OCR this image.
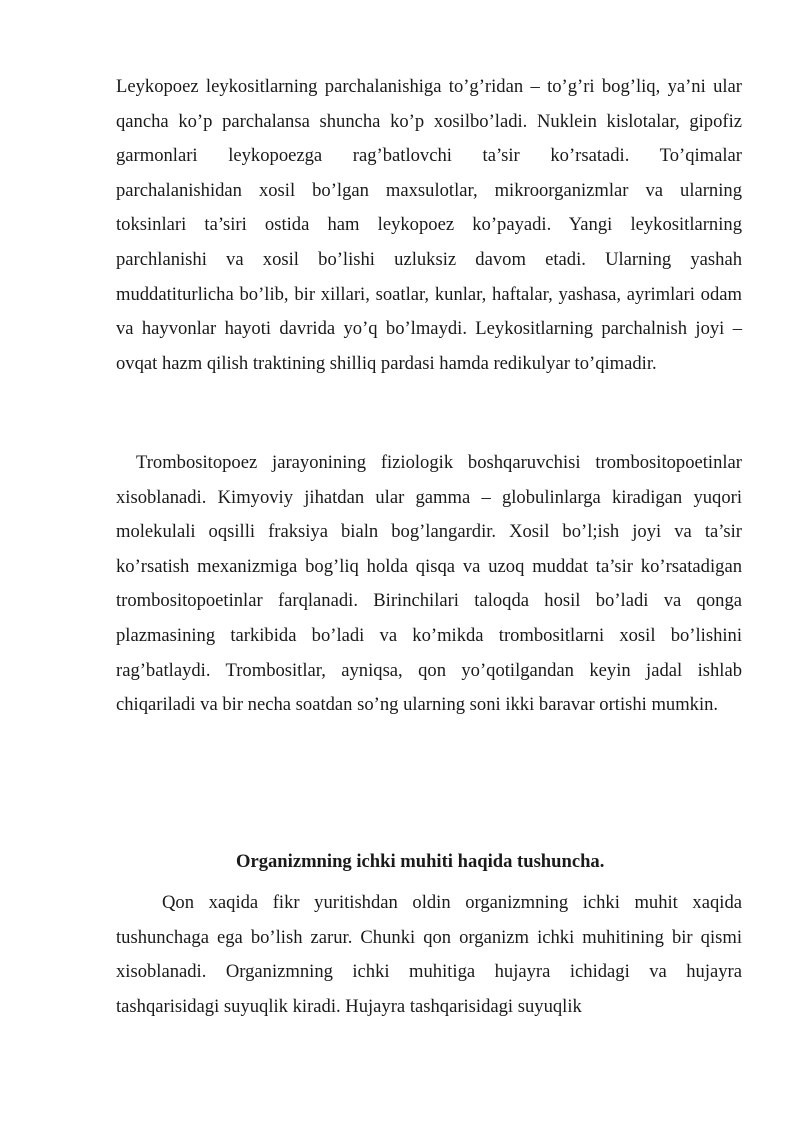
Leykopoez leykositlarning parchalanishiga to’g’ridan – to’g’ri bog’liq, ya’ni ular qancha ko’p parchalansa shuncha ko’p xosilbo’ladi. Nuklein kislotalar, gipofiz garmonlari leykopoezga rag’batlovchi ta’sir ko’rsatadi. To’qimalar parchalanishidan xosil bo’lgan maxsulotlar, mikroorganizmlar va ularning toksinlari ta’siri ostida ham leykopoez ko’payadi. Yangi leykositlarning parchlanishi va xosil bo’lishi uzluksiz davom etadi. Ularning yashah muddatiturlicha bo’lib, bir xillari, soatlar, kunlar, haftalar, yashasa, ayrimlari odam va hayvonlar hayoti davrida yo’q bo’lmaydi. Leykositlarning parchalnish joyi – ovqat hazm qilish traktining shilliq pardasi hamda redikulyar to’qimadir.

Trombositopoez jarayonining fiziologik boshqaruvchisi trombositopoetinlar xisoblanadi. Kimyoviy jihatdan ular gamma – globulinlarga kiradigan yuqori molekulali oqsilli fraksiya bialn bog’langardir. Xosil bo’l;ish joyi va ta’sir ko’rsatish mexanizmiga bog’liq holda qisqa va uzoq muddat ta’sir ko’rsatadigan trombositopoetinlar farqlanadi. Birinchilari taloqda hosil bo’ladi va qonga plazmasining tarkibida bo’ladi va ko’mikda trombositlarni xosil bo’lishini rag’batlaydi. Trombositlar, ayniqsa, qon yo’qotilgandan keyin jadal ishlab chiqariladi va bir necha soatdan so’ng ularning soni ikki baravar ortishi mumkin.

Organizmning ichki muhiti haqida tushuncha.

Qon xaqida fikr yuritishdan oldin organizmning ichki muhit xaqida tushunchaga ega bo’lish zarur. Chunki qon organizm ichki muhitining bir qismi xisoblanadi. Organizmning ichki muhitiga hujayra ichidagi va hujayra tashqarisidagi suyuqlik kiradi. Hujayra tashqarisidagi suyuqlik
